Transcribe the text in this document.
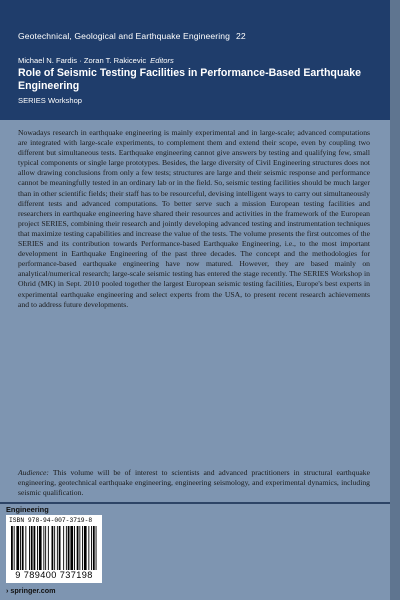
Geotechnical, Geological and Earthquake Engineering 22
Michael N. Fardis · Zoran T. Rakicevic Editors
Role of Seismic Testing Facilities in Performance-Based Earthquake Engineering
SERIES Workshop

Nowadays research in earthquake engineering is mainly experimental and in large-scale; advanced computations are integrated with large-scale experiments, to complement them and extend their scope, even by coupling two different but simultaneous tests. Earthquake engineering cannot give answers by testing and qualifying few, small typical components or single large prototypes. Besides, the large diversity of Civil Engineering structures does not allow drawing conclusions from only a few tests; structures are large and their seismic response and performance cannot be meaningfully tested in an ordinary lab or in the field. So, seismic testing facilities should be much larger than in other scientific fields; their staff has to be resourceful, devising intelligent ways to carry out simultaneously different tests and advanced computations. To better serve such a mission European testing facilities and researchers in earthquake engineering have shared their resources and activities in the framework of the European project SERIES, combining their research and jointly developing advanced testing and instrumentation techniques that maximize testing capabilities and increase the value of the tests. The volume presents the first outcomes of the SERIES and its contribution towards Performance-based Earthquake Engineering, i.e., to the most important development in Earthquake Engineering of the past three decades. The concept and the methodologies for performance-based earthquake engineering have now matured. However, they are based mainly on analytical/numerical research; large-scale seismic testing has entered the stage recently. The SERIES Workshop in Ohrid (MK) in Sept. 2010 pooled together the largest European seismic testing facilities, Europe's best experts in experimental earthquake engineering and select experts from the USA, to present recent research achievements and to address future developments.

Audience: This volume will be of interest to scientists and advanced practitioners in structural earthquake engineering, geotechnical earthquake engineering, engineering seismology, and experimental dynamics, including seismic qualification.

Engineering
ISBN 978-94-007-3719-8
9 789400 737198
› springer.com
